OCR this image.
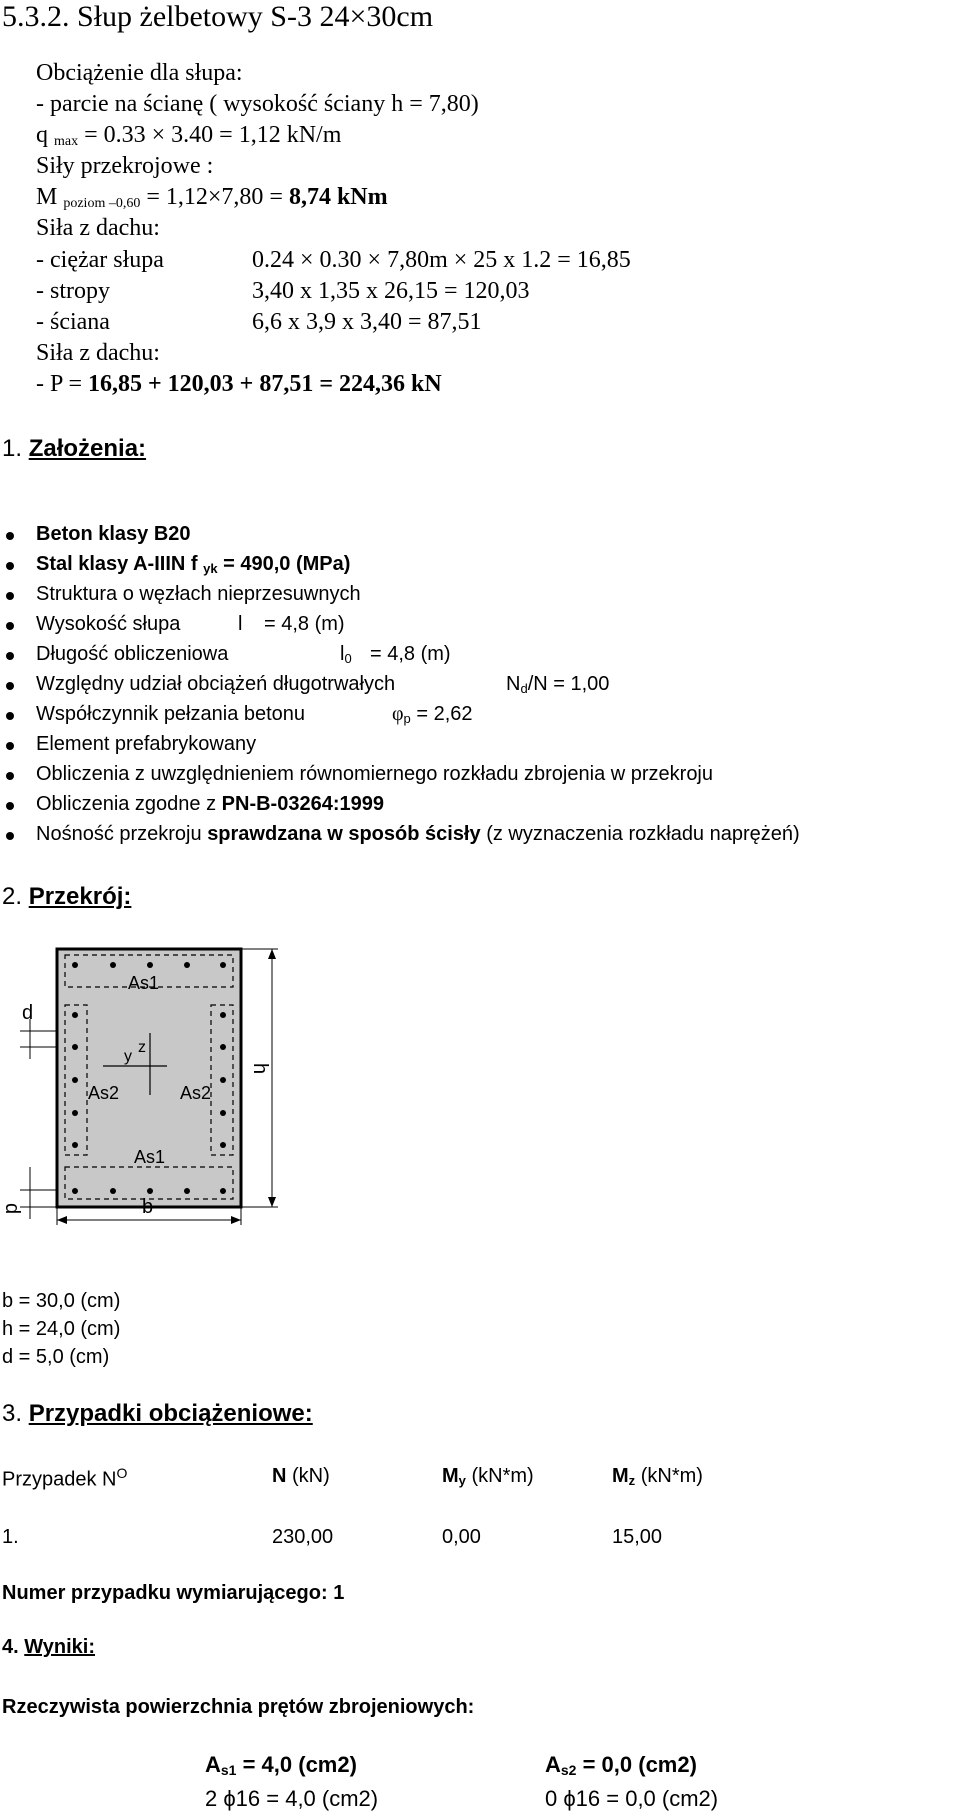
5.3.2. Słup żelbetowy S-3 24×30cm
Obciążenie dla słupa:
- parcie na ścianę ( wysokość ściany h = 7,80)
q $_{max}$ = 0.33 × 3.40 = 1,12 kN/m
Siły przekrojowe :
M $_{poziom -0,60}$ = 1,12×7,80 = 8,74 kNm
Siła z dachu:
- ciężar słupa	0.24 × 0.30 × 7,80m × 25 x 1.2 = 16,85
- stropy	3,40 x 1,35 x 26,15 = 120,03
- ściana	6,6 x 3,9 x 3,40 = 87,51
Siła z dachu:
- P = 16,85 + 120,03 + 87,51 = 224,36 kN
1. Założenia:
Beton klasy B20
Stal klasy A-IIIN f $_{yk}$ = 490,0 (MPa)
Struktura o węzłach nieprzesuwnych
Wysokość słupa	l = 4,8 (m)
Długość obliczeniowa	$l_0 = 4,8$ (m)
Względny udział obciążeń długotrwałych	$N_d/N = 1,00$
Współczynnik pełzania betonu	$\varphi_p = 2,62$
Element prefabrykowany
Obliczenia z uwzględnieniem równomiernego rozkładu zbrojenia w przekroju
Obliczenia zgodne z PN-B-03264:1999
Nośność przekroju sprawdzana w sposób ścisły (z wyznaczenia rozkładu naprężeń)
2. Przekrój:
As1
As1
As2	As2
y
z
h
b
d
d
b = 30,0 (cm)
h = 24,0 (cm)
d = 5,0 (cm)
3. Przypadki obciążeniowe:
Przypadek $N^O$	N (kN)	$M_y$ (kN*m)	$M_z$ (kN*m)
1.	230,00	0,00	15,00
Numer przypadku wymiarującego: 1
4. Wyniki:
Rzeczywista powierzchnia prętów zbrojeniowych:
$A_{s1} = 4,0$ (cm2)	$A_{s2} = 0,0$ (cm2)
2 ϕ16 = 4,0 (cm2)	0 ϕ16 = 0,0 (cm2)
